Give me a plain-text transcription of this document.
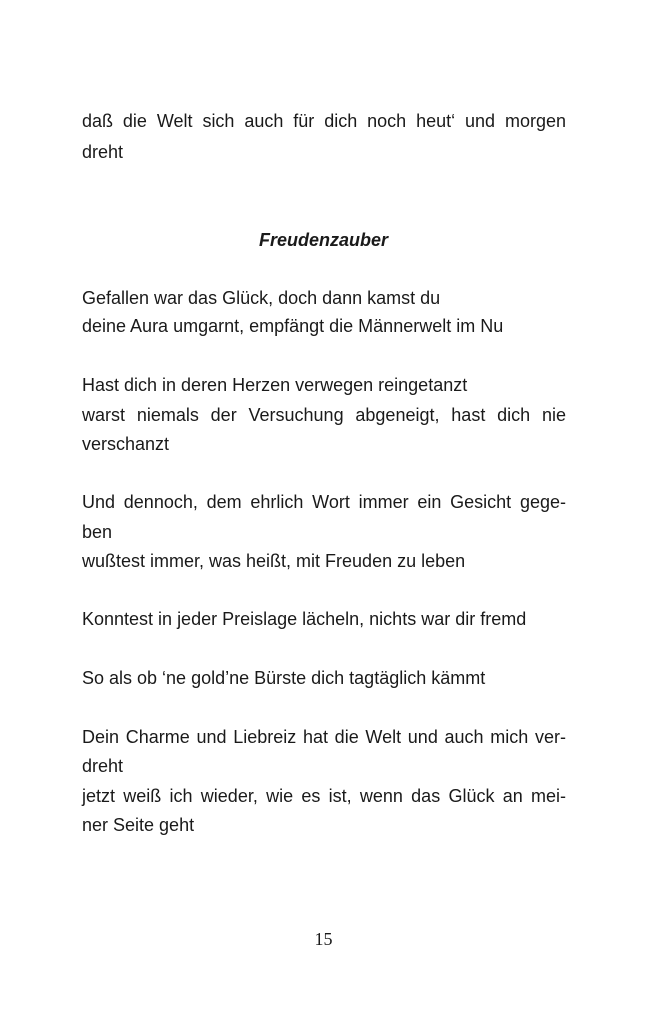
daß die Welt sich auch für dich noch heut‘ und morgen
dreht
Freudenzauber
Gefallen war das Glück, doch dann kamst du
deine Aura umgarnt, empfängt die Männerwelt im Nu
Hast dich in deren Herzen verwegen reingetanzt
warst niemals der Versuchung abgeneigt, hast dich nie
verschanzt
Und dennoch, dem ehrlich Wort immer ein Gesicht gege-
ben
wußtest immer, was heißt, mit Freuden zu leben
Konntest in jeder Preislage lächeln, nichts war dir fremd
So als ob ‘ne gold’ne Bürste dich tagtäglich kämmt
Dein Charme und Liebreiz hat die Welt und auch mich ver-
dreht
jetzt weiß ich wieder, wie es ist, wenn das Glück an mei-
ner Seite geht
15
